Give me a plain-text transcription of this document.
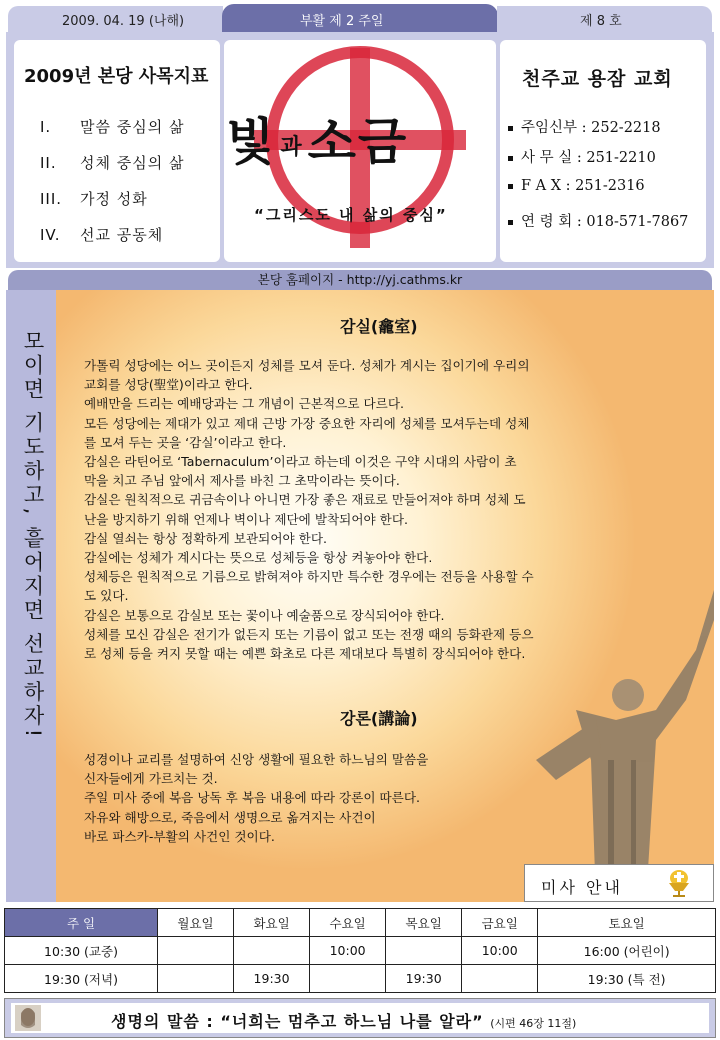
2009. 04. 19 (나해)	부활 제 2 주일	제 8 호
2009년 본당 사목지표
I. 말씀 중심의 삶
II. 성체 중심의 삶
III. 가정 성화
IV. 선교 공동체
빛과소금
“그리스도 내 삶의 중심”
천주교 용잠 교회
주임신부 : 252-2218
사 무 실 : 251-2210
F A X : 251-2316
연 령 회 : 018-571-7867
본당 홈페이지 - http://yj.cathms.kr
모이면 기도하고, 흩어지면 선교하자!
감실(龕室)

가톨릭 성당에는 어느 곳이든지 성체를 모셔 둔다. 성체가 계시는 집이기에 우리의

교회를 성당(聖堂)이라고 한다.

예배만을 드리는 예배당과는 그 개념이 근본적으로 다르다.

모든 성당에는 제대가 있고 제대 근방 가장 중요한 자리에 성체를 모셔두는데 성체

를 모셔 두는 곳을 ‘감실’이라고 한다.

감실은 라틴어로 ‘Tabernaculum’이라고 하는데 이것은 구약 시대의 사람이 초

막을 치고 주님 앞에서 제사를 바친 그 초막이라는 뜻이다.

감실은 원칙적으로 귀금속이나 아니면 가장 좋은 재료로 만들어져야 하며 성체 도

난을 방지하기 위해 언제나 벽이나 제단에 발착되어야 한다.

감실 열쇠는 항상 정확하게 보관되어야 한다.

감실에는 성체가 계시다는 뜻으로 성체등을 항상 켜놓아야 한다.

성체등은 원칙적으로 기름으로 밝혀져야 하지만 특수한 경우에는 전등을 사용할 수

도 있다.

감실은 보통으로 감실보 또는 꽃이나 예술품으로 장식되어야 한다.

성체를 모신 감실은 전기가 없든지 또는 기름이 없고 또는 전쟁 때의 등화관제 등으

로 성체 등을 켜지 못할 때는 예쁜 화초로 다른 제대보다 특별히 장식되어야 한다.

강론(講論)

성경이나 교리를 설명하여 신앙 생활에 필요한 하느님의 말씀을

신자들에게 가르치는 것.

주일 미사 중에 복음 낭독 후 복음 내용에 따라 강론이 따른다.

자유와 해방으로, 죽음에서 생명으로 옮겨지는 사건이

바로 파스카-부활의 사건인 것이다.

미사 안내
주 일	월요일	화요일	수요일	목요일	금요일	토요일
10:30 (교중)			10:00		10:00	16:00 (어린이)
19:30 (저녁)		19:30		19:30		19:30 (특 전)
생명의 말씀 : “너희는 멈추고 하느님 나를 알라” (시편 46장 11절)
